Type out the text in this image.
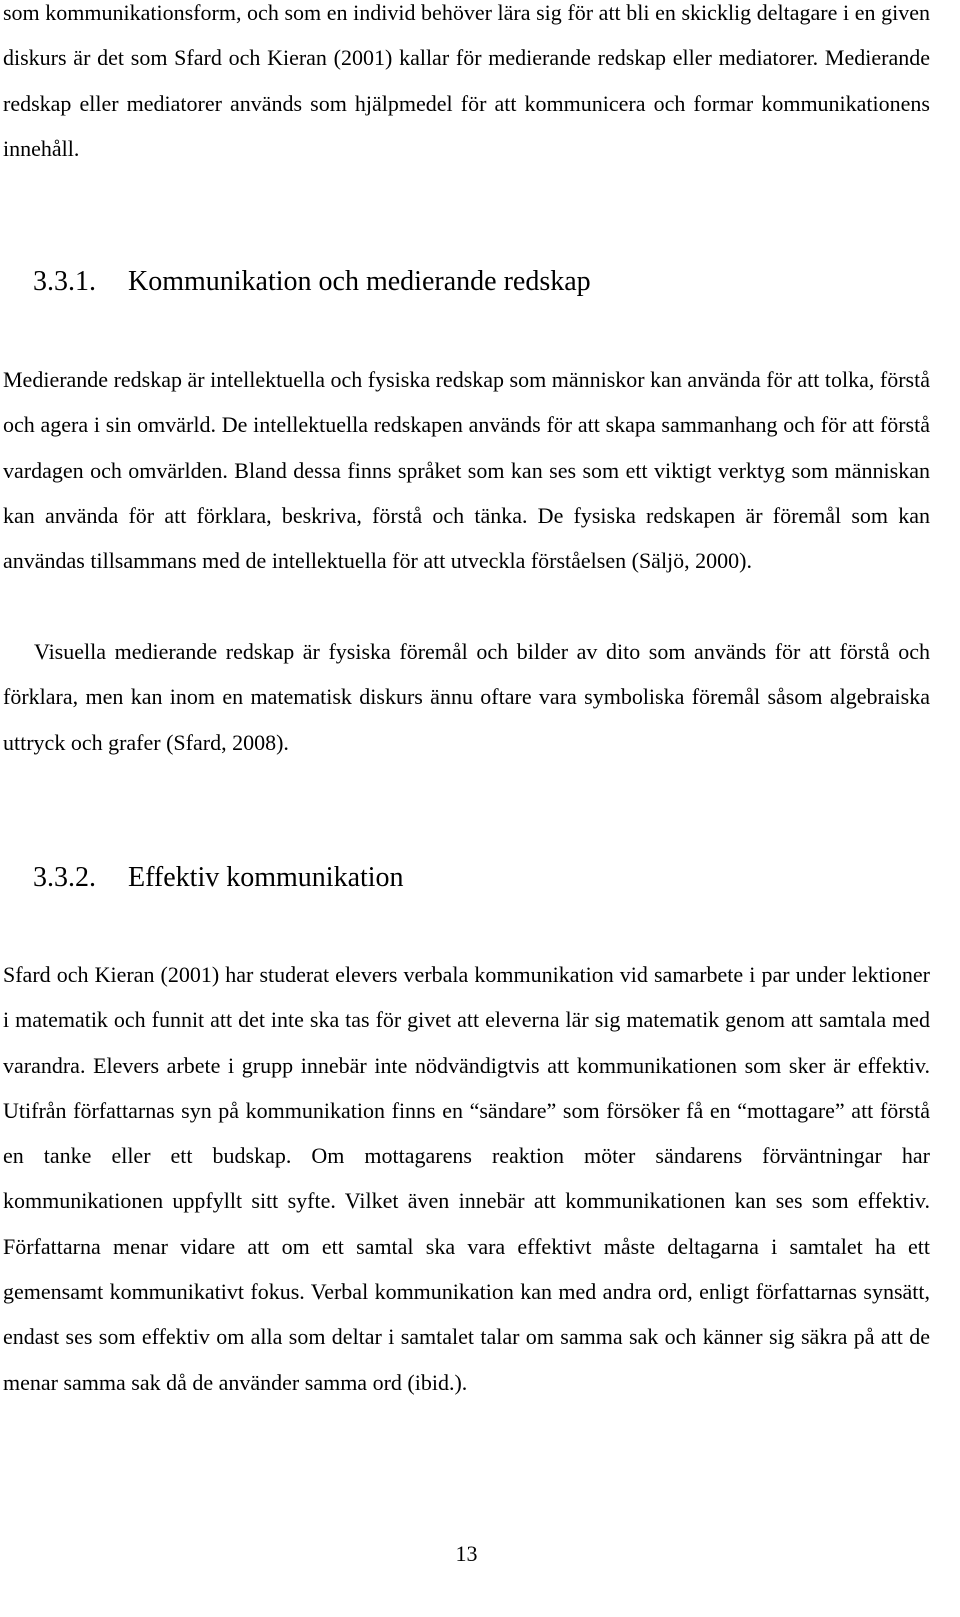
som kommunikationsform, och som en individ behöver lära sig för att bli en skicklig deltagare i en given diskurs är det som Sfard och Kieran (2001) kallar för medierande redskap eller mediatorer. Medierande redskap eller mediatorer används som hjälpmedel för att kommunicera och formar kommunikationens innehåll.

3.3.1. Kommunikation och medierande redskap

Medierande redskap är intellektuella och fysiska redskap som människor kan använda för att tolka, förstå och agera i sin omvärld. De intellektuella redskapen används för att skapa sammanhang och för att förstå vardagen och omvärlden. Bland dessa finns språket som kan ses som ett viktigt verktyg som människan kan använda för att förklara, beskriva, förstå och tänka. De fysiska redskapen är föremål som kan användas tillsammans med de intellektuella för att utveckla förståelsen (Säljö, 2000).

Visuella medierande redskap är fysiska föremål och bilder av dito som används för att förstå och förklara, men kan inom en matematisk diskurs ännu oftare vara symboliska föremål såsom algebraiska uttryck och grafer (Sfard, 2008).

3.3.2. Effektiv kommunikation

Sfard och Kieran (2001) har studerat elevers verbala kommunikation vid samarbete i par under lektioner i matematik och funnit att det inte ska tas för givet att eleverna lär sig matematik genom att samtala med varandra. Elevers arbete i grupp innebär inte nödvändigtvis att kommunikationen som sker är effektiv. Utifrån författarnas syn på kommunikation finns en “sändare” som försöker få en “mottagare” att förstå en tanke eller ett budskap. Om mottagarens reaktion möter sändarens förväntningar har kommunikationen uppfyllt sitt syfte. Vilket även innebär att kommunikationen kan ses som effektiv. Författarna menar vidare att om ett samtal ska vara effektivt måste deltagarna i samtalet ha ett gemensamt kommunikativt fokus. Verbal kommunikation kan med andra ord, enligt författarnas synsätt, endast ses som effektiv om alla som deltar i samtalet talar om samma sak och känner sig säkra på att de menar samma sak då de använder samma ord (ibid.).

13
